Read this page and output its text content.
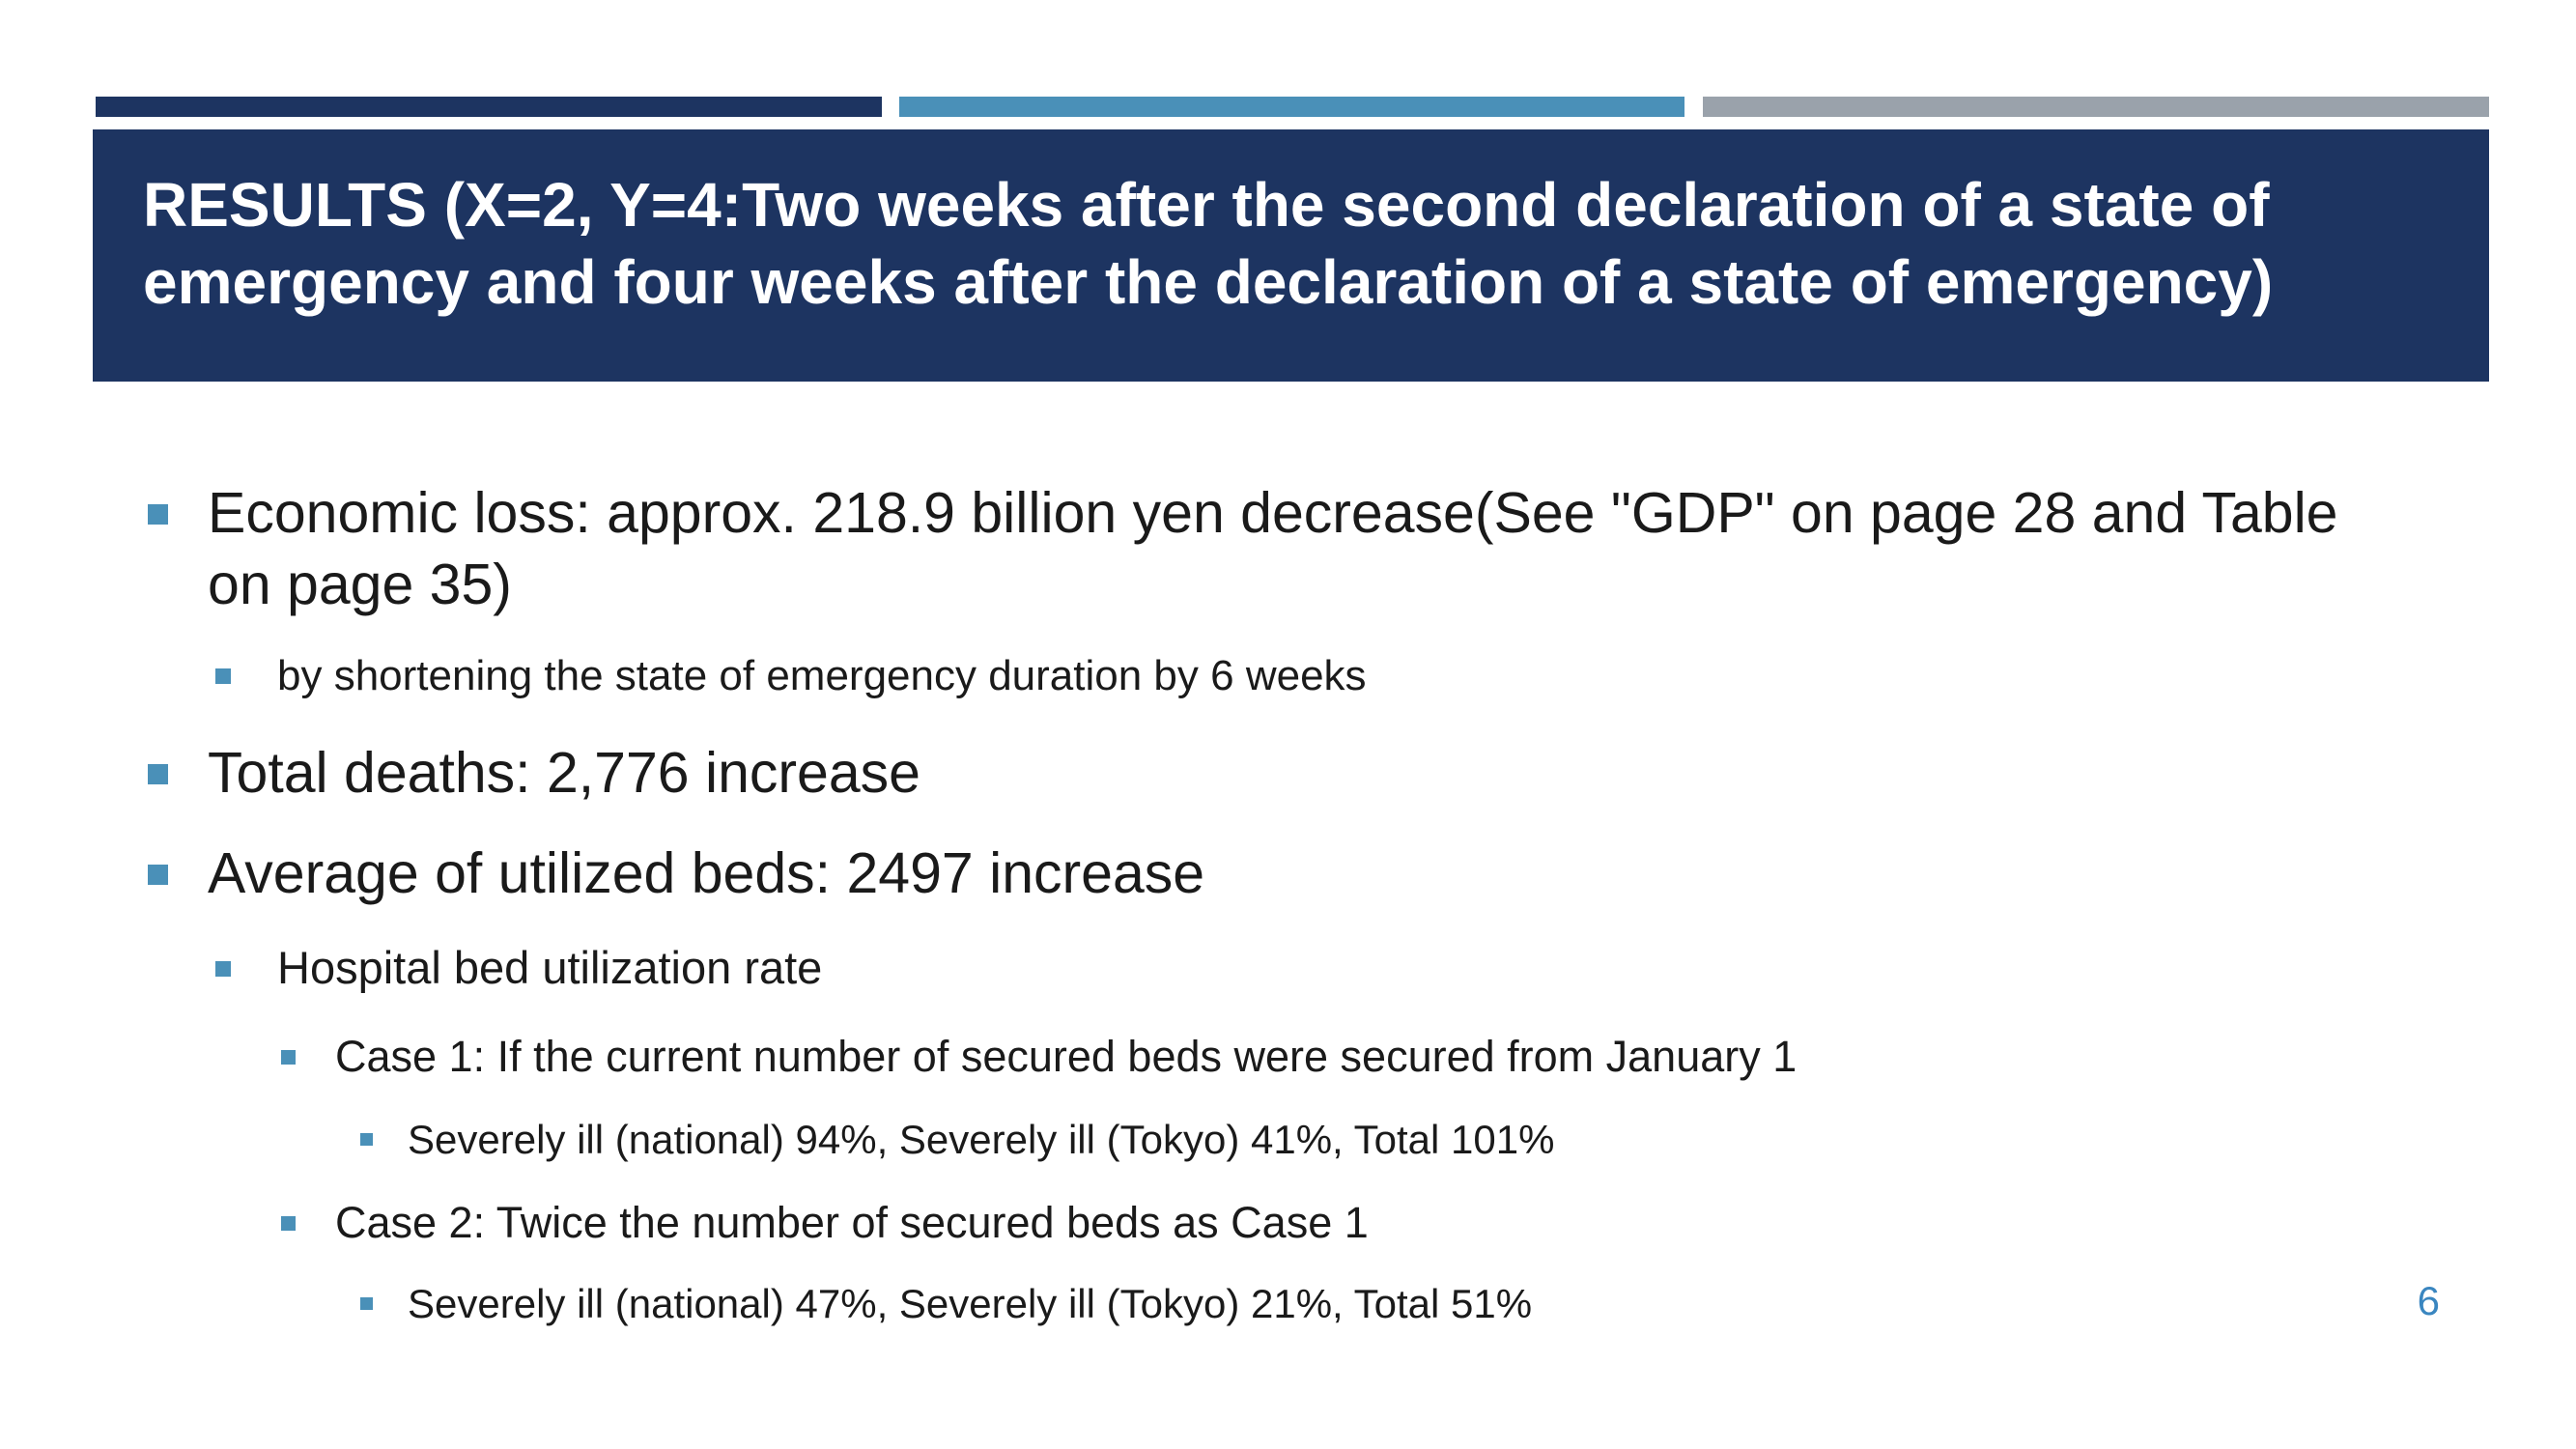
RESULTS (X=2, Y=4:Two weeks after the second declaration of a state of emergency and four weeks after the declaration of a state of emergency)
Economic loss: approx. 218.9 billion yen decrease(See "GDP" on page 28 and Table
on page 35)
by shortening the state of emergency duration by 6 weeks
Total deaths: 2,776 increase
Average of utilized beds: 2497 increase
Hospital bed utilization rate
Case 1: If the current number of secured beds were secured from January 1
Severely ill (national) 94%, Severely ill (Tokyo) 41%, Total 101%
Case 2: Twice the number of secured beds as Case 1
Severely ill (national) 47%, Severely ill (Tokyo) 21%, Total 51%	6
